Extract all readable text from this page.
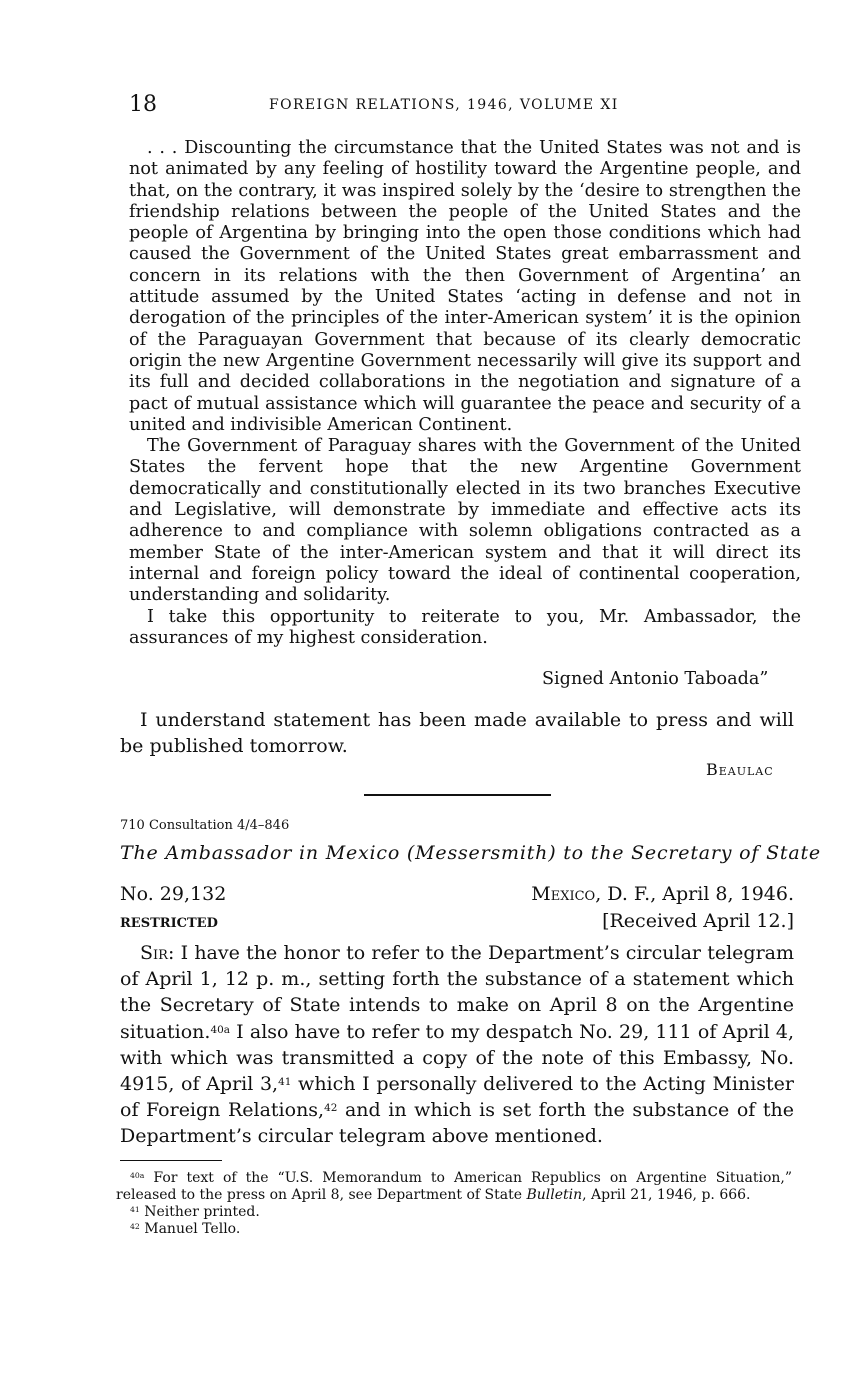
18	FOREIGN RELATIONS, 1946, VOLUME XI

. . . Discounting the circumstance that the United States was not and is not animated by any feeling of hostility toward the Argentine people, and that, on the contrary, it was inspired solely by the ‘desire to strengthen the friendship relations between the people of the United States and the people of Argentina by bringing into the open those conditions which had caused the Government of the United States great embarrassment and concern in its relations with the then Government of Argentina’ an attitude assumed by the United States ‘acting in defense and not in derogation of the principles of the inter-American system’ it is the opinion of the Paraguayan Government that because of its clearly democratic origin the new Argentine Government necessarily will give its support and its full and decided collaborations in the negotiation and signature of a pact of mutual assistance which will guarantee the peace and security of a united and indivisible American Continent.

The Government of Paraguay shares with the Government of the United States the fervent hope that the new Argentine Government democratically and constitutionally elected in its two branches Executive and Legislative, will demonstrate by immediate and effective acts its adherence to and compliance with solemn obligations contracted as a member State of the inter-American system and that it will direct its internal and foreign policy toward the ideal of continental cooperation, understanding and solidarity.

I take this opportunity to reiterate to you, Mr. Ambassador, the assurances of my highest consideration.

Signed Antonio Taboada”

I understand statement has been made available to press and will be published tomorrow.

Beaulac
710 Consultation 4/4–846
The Ambassador in Mexico (Messersmith) to the Secretary of State
No. 29,132	Mexico, D. F., April 8, 1946.
RESTRICTED	[Received April 12.]

Sir: I have the honor to refer to the Department’s circular telegram of April 1, 12 p. m., setting forth the substance of a statement which the Secretary of State intends to make on April 8 on the Argentine situation.$^{40a}$ I also have to refer to my despatch No. 29, 111 of April 4, with which was transmitted a copy of the note of this Embassy, No. 4915, of April 3,41 which I personally delivered to the Acting Minister of Foreign Relations,$^{42}$ and in which is set forth the substance of the Department’s circular telegram above mentioned.

$^{40a}$ For text of the “U.S. Memorandum to American Republics on Argentine Situation,” released to the press on April 8, see Department of State Bulletin, April 21, 1946, p. 666.

$^{41}$ Neither printed.

$^{42}$ Manuel Tello.
